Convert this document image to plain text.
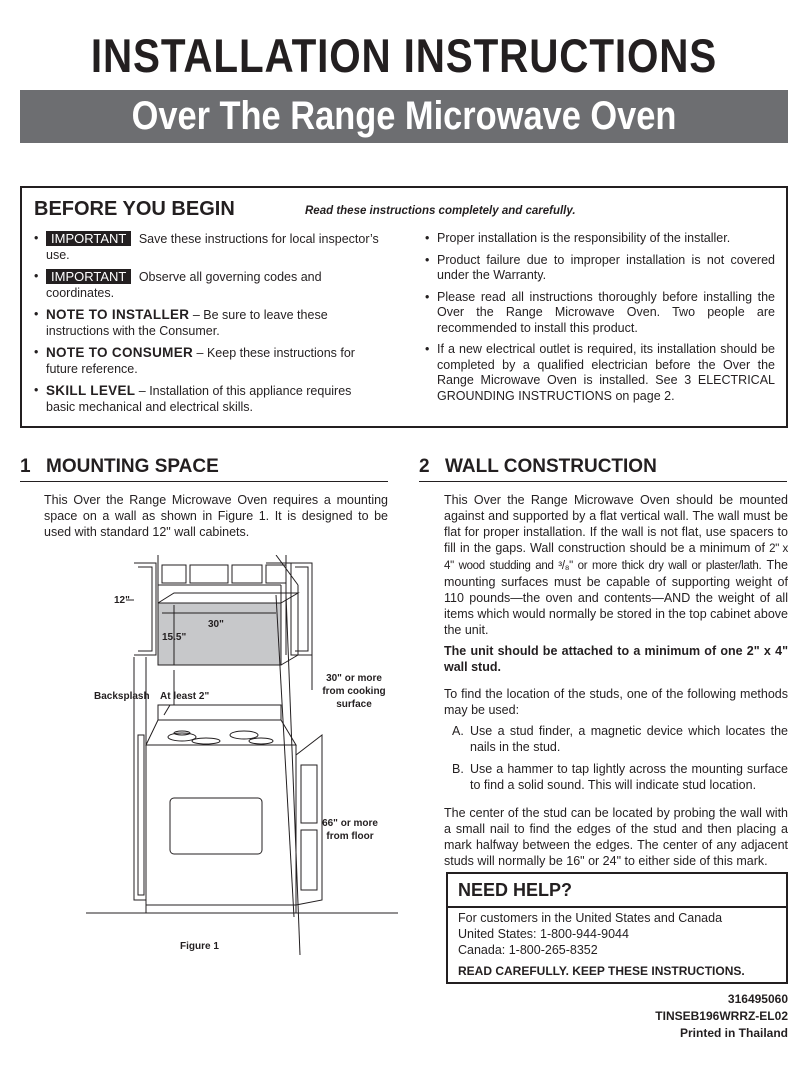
INSTALLATION INSTRUCTIONS
Over The Range Microwave Oven
BEFORE YOU BEGIN	Read these instructions completely and carefully.
• IMPORTANT Save these instructions for local inspector’s use.
• IMPORTANT Observe all governing codes and coordinates.
• NOTE TO INSTALLER – Be sure to leave these instructions with the Consumer.
• NOTE TO CONSUMER – Keep these instructions for future reference.
• SKILL LEVEL – Installation of this appliance requires basic mechanical and electrical skills.
• Proper installation is the responsibility of the installer.
• Product failure due to improper installation is not covered under the Warranty.
• Please read all instructions thoroughly before installing the Over the Range Microwave Oven. Two people are recommended to install this product.
• If a new electrical outlet is required, its installation should be completed by a qualified electrician before the Over the Range Microwave Oven is installed. See 3 ELECTRICAL GROUNDING INSTRUCTIONS on page 2.
1 MOUNTING SPACE

This Over the Range Microwave Oven requires a mounting space on a wall as shown in Figure 1. It is designed to be used with standard 12" wall cabinets.

12"
30"
15.5"
Backsplash At least 2"
30" or more
from cooking
surface
66" or more
from floor
Figure 1
2 WALL CONSTRUCTION
This Over the Range Microwave Oven should be mounted against and supported by a flat vertical wall. The wall must be flat for proper installation. If the wall is not flat, use spacers to fill in the gaps. Wall construction should be a minimum of 2" x 4" wood studding and ³/₈" or more thick dry wall or plaster/lath. The mounting surfaces must be capable of supporting weight of 110 pounds—the oven and contents—AND the weight of all items which would normally be stored in the top cabinet above the unit.

The unit should be attached to a minimum of one 2" x 4" wall stud.

To find the location of the studs, one of the following methods may be used:

A. Use a stud finder, a magnetic device which locates the nails in the stud.
B. Use a hammer to tap lightly across the mounting surface to find a solid sound. This will indicate stud location.

The center of the stud can be located by probing the wall with a small nail to find the edges of the stud and then placing a mark halfway between the edges. The center of any adjacent studs will normally be 16" or 24" to either side of this mark.

NEED HELP?
For customers in the United States and Canada
United States: 1-800-944-9044
Canada: 1-800-265-8352
READ CAREFULLY. KEEP THESE INSTRUCTIONS.
316495060
TINSEB196WRRZ-EL02
Printed in Thailand
